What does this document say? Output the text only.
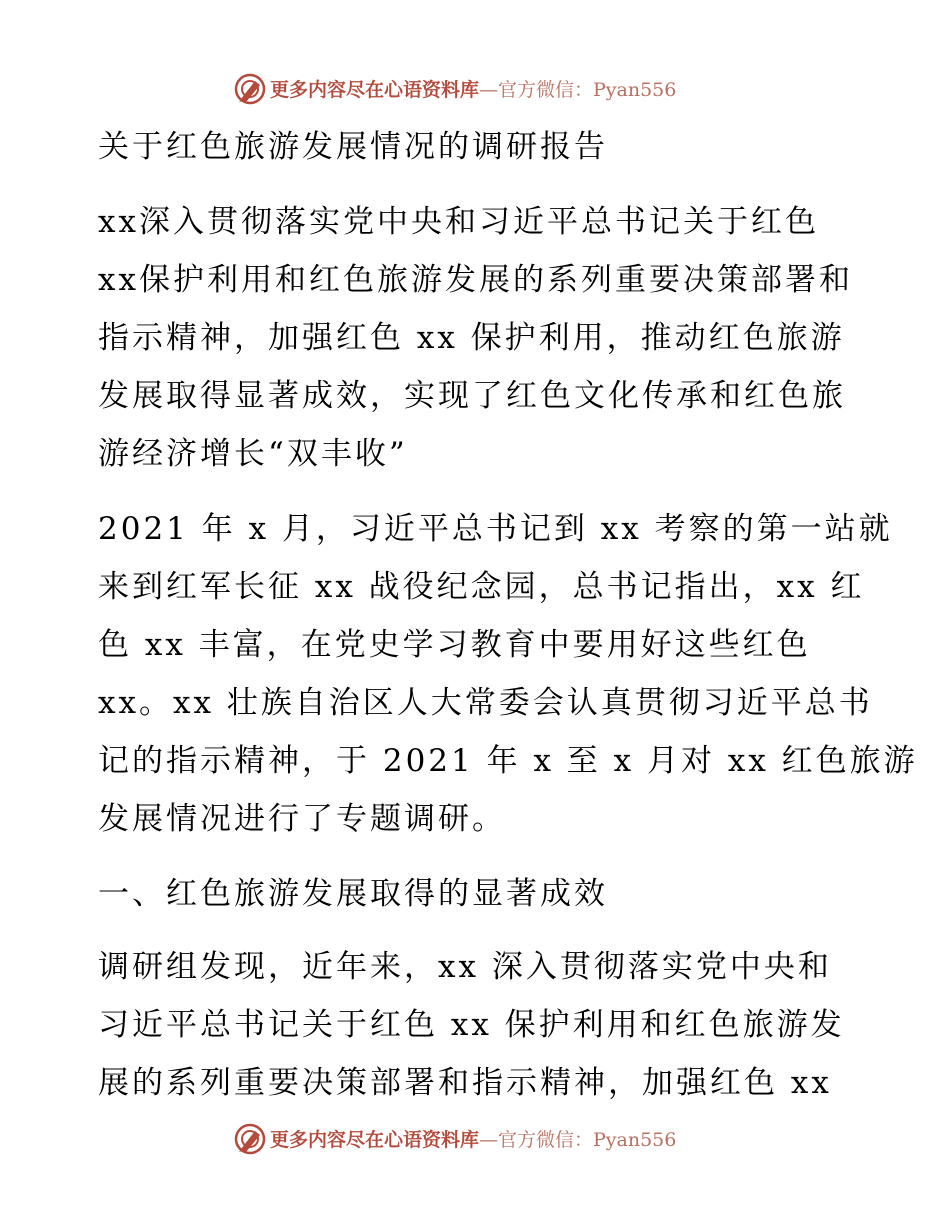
更多内容尽在心语资料库—官方微信：Pyan556

关于红色旅游发展情况的调研报告

xx深入贯彻落实党中央和习近平总书记关于红色
xx保护利用和红色旅游发展的系列重要决策部署和
指示精神，加强红色 xx 保护利用，推动红色旅游
发展取得显著成效，实现了红色文化传承和红色旅
游经济增长“双丰收”

2021 年 x 月，习近平总书记到 xx 考察的第一站就
来到红军长征 xx 战役纪念园，总书记指出，xx 红
色 xx 丰富，在党史学习教育中要用好这些红色
xx。xx 壮族自治区人大常委会认真贯彻习近平总书
记的指示精神，于 2021 年 x 至 x 月对 xx 红色旅游
发展情况进行了专题调研。

一、红色旅游发展取得的显著成效

调研组发现，近年来，xx 深入贯彻落实党中央和
习近平总书记关于红色 xx 保护利用和红色旅游发
展的系列重要决策部署和指示精神，加强红色 xx

更多内容尽在心语资料库—官方微信：Pyan556
